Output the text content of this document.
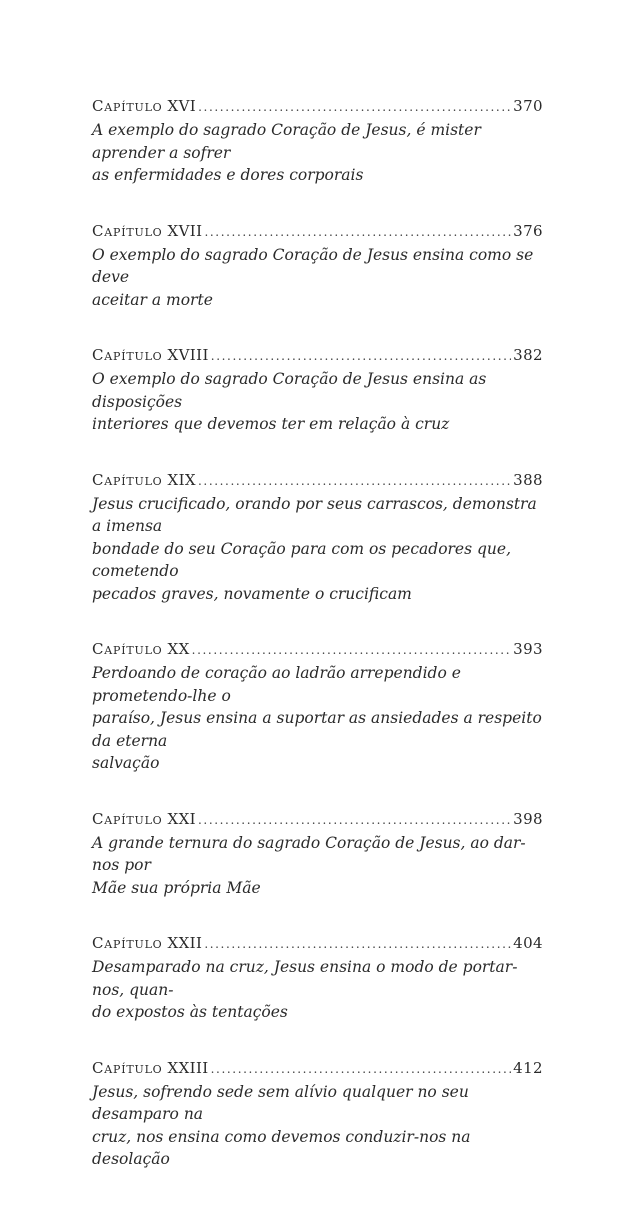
Capítulo XVI .....	370
A exemplo do sagrado Coração de Jesus, é mister aprender a sofrer
as enfermidades e dores corporais
Capítulo XVII .....	376
O exemplo do sagrado Coração de Jesus ensina como se deve
aceitar a morte
Capítulo XVIII .....	382
O exemplo do sagrado Coração de Jesus ensina as disposições
interiores que devemos ter em relação à cruz
Capítulo XIX .....	388
Jesus crucificado, orando por seus carrascos, demonstra a imensa
bondade do seu Coração para com os pecadores que, cometendo
pecados graves, novamente o crucificam
Capítulo XX .....	393
Perdoando de coração ao ladrão arrependido e prometendo-lhe o
paraíso, Jesus ensina a suportar as ansiedades a respeito da eterna
salvação
Capítulo XXI .....	398
A grande ternura do sagrado Coração de Jesus, ao dar-nos por
Mãe sua própria Mãe
Capítulo XXII .....	404
Desamparado na cruz, Jesus ensina o modo de portar-nos, quan-
do expostos às tentações
Capítulo XXIII .....	412
Jesus, sofrendo sede sem alívio qualquer no seu desamparo na
cruz, nos ensina como devemos conduzir-nos na desolação
